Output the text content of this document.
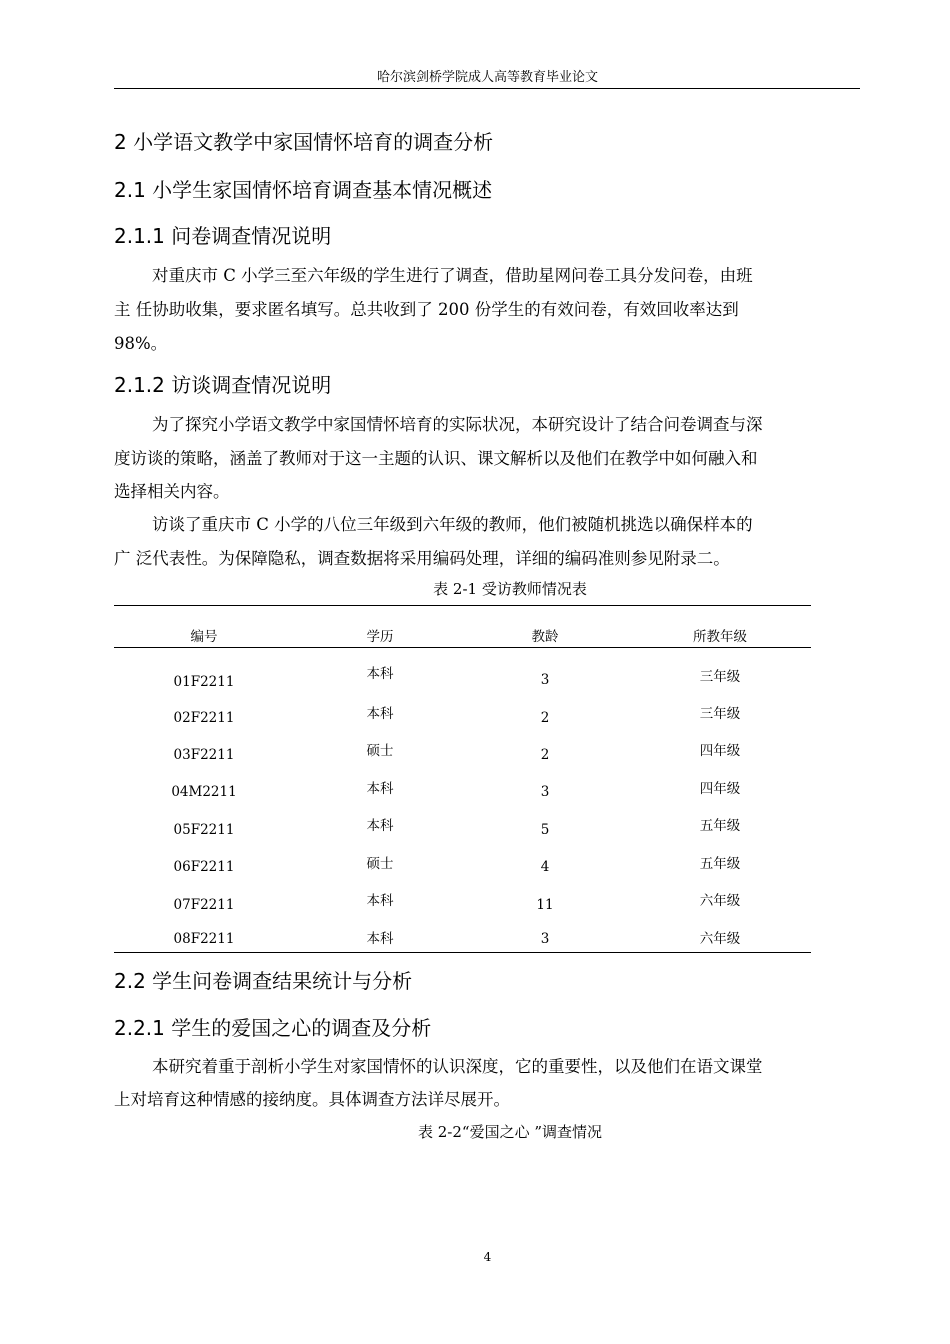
哈尔滨剑桥学院成人高等教育毕业论文
2 小学语文教学中家国情怀培育的调查分析
2.1 小学生家国情怀培育调查基本情况概述
2.1.1 问卷调查情况说明
对重庆市 C 小学三至六年级的学生进行了调查，借助星网问卷工具分发问卷，由班
主 任协助收集，要求匿名填写。总共收到了 200 份学生的有效问卷，有效回收率达到
98%。
2.1.2 访谈调查情况说明
为了探究小学语文教学中家国情怀培育的实际状况，本研究设计了结合问卷调查与深
度访谈的策略，涵盖了教师对于这一主题的认识、课文解析以及他们在教学中如何融入和
选择相关内容。
访谈了重庆市 C 小学的八位三年级到六年级的教师，他们被随机挑选以确保样本的
广 泛代表性。为保障隐私，调查数据将采用编码处理，详细的编码准则参见附录二。
表 2-1 受访教师情况表
编号	学历	教龄	所教年级
01F2211	本科	3	三年级
02F2211	本科	2	三年级
03F2211	硕士	2	四年级
04M2211	本科	3	四年级
05F2211	本科	5	五年级
06F2211	硕士	4	五年级
07F2211	本科	11	六年级
08F2211	本科	3	六年级
2.2 学生问卷调查结果统计与分析
2.2.1 学生的爱国之心的调查及分析
本研究着重于剖析小学生对家国情怀的认识深度，它的重要性，以及他们在语文课堂
上对培育这种情感的接纳度。具体调查方法详尽展开。
表 2-2“爱国之心 ”调查情况
4
